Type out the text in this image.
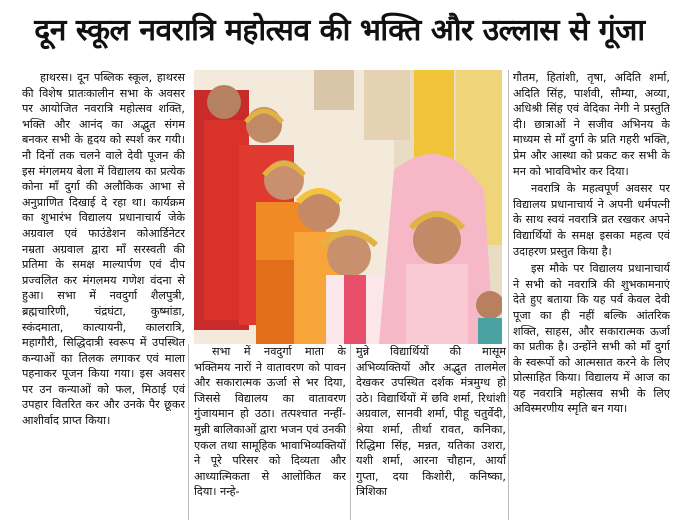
दून स्कूल नवरात्रि महोत्सव की भक्ति और उल्लास से गूंजा

हाथरस। दून पब्लिक स्कूल, हाथरस की विशेष प्रातःकालीन सभा के अवसर पर आयोजित नवरात्रि महोत्सव शक्ति, भक्ति और आनंद का अद्भुत संगम बनकर सभी के हृदय को स्पर्श कर गयी। नौ दिनों तक चलने वाले देवी पूजन की इस मंगलमय बेला में विद्यालय का प्रत्येक कोना माँ दुर्गा की अलौकिक आभा से अनुप्राणित दिखाई दे रहा था। कार्यक्रम का शुभारंभ विद्यालय प्रधानाचार्य जेके अग्रवाल एवं फाउंडेशन कोआर्डिनेटर नम्रता अग्रवाल द्वारा माँ सरस्वती की प्रतिमा के समक्ष माल्यार्पण एवं दीप प्रज्वलित कर मंगलमय गणेश वंदना से हुआ। सभा में नवदुर्गा शैलपुत्री, ब्रह्मचारिणी, चंद्रघंटा, कुष्मांडा, स्कंदमाता, कात्यायनी, कालरात्रि, महागौरी, सिद्धिदात्री स्वरूप में उपस्थित कन्याओं का तिलक लगाकर एवं माला पहनाकर पूजन किया गया। इस अवसर पर उन कन्याओं को फल, मिठाई एवं उपहार वितरित कर और उनके पैर छूकर आशीर्वाद प्राप्त किया।

सभा में नवदुर्गा माता के भक्तिमय नारों ने वातावरण को पावन और सकारात्मक ऊर्जा से भर दिया, जिससे विद्यालय का वातावरण गुंजायमान हो उठा। तत्पश्चात नन्हीं-मुन्नी बालिकाओं द्वारा भजन एवं उनकी एकल तथा सामूहिक भावाभिव्यक्तियों ने पूरे परिसर को दिव्यता और आध्यात्मिकता से आलोकित कर दिया। नन्हे-

मुन्ने विद्यार्थियों की मासूम अभिव्यक्तियों और अद्भुत तालमेल देखकर उपस्थित दर्शक मंत्रमुग्ध हो उठे। विद्यार्थियों में छवि शर्मा, रिधांशी अग्रवाल, सानवी शर्मा, पीहू चतुर्वेदी, श्रेया शर्मा, तीर्था रावत, कनिका, रिद्धिमा सिंह, मन्नत, यतिका उशरा, यशी शर्मा, आरना चौहान, आर्या गुप्ता, दया किशोरी, कनिष्का, त्रिशिका

गौतम, हितांशी, तृषा, अदिति शर्मा, अदिति सिंह, पार्शवी, सौम्या, अव्या, अधिश्री सिंह एवं वेदिका नेगी ने प्रस्तुति दी। छात्राओं ने सजीव अभिनय के माध्यम से माँ दुर्गा के प्रति गहरी भक्ति, प्रेम और आस्था को प्रकट कर सभी के मन को भावविभोर कर दिया।

नवरात्रि के महत्वपूर्ण अवसर पर विद्यालय प्रधानाचार्य ने अपनी धर्मपत्नी के साथ स्वयं नवरात्रि व्रत रखकर अपने विद्यार्थियों के समक्ष इसका महत्व एवं उदाहरण प्रस्तुत किया है।

इस मौके पर विद्यालय प्रधानाचार्य ने सभी को नवरात्रि की शुभकामनाएं देते हुए बताया कि यह पर्व केवल देवी पूजा का ही नहीं बल्कि आंतरिक शक्ति, साहस, और सकारात्मक ऊर्जा का प्रतीक है। उन्होंने सभी को माँ दुर्गा के स्वरूपों को आत्मसात करने के लिए प्रोत्साहित किया। विद्यालय में आज का यह नवरात्रि महोत्सव सभी के लिए अविस्मरणीय स्मृति बन गया।
